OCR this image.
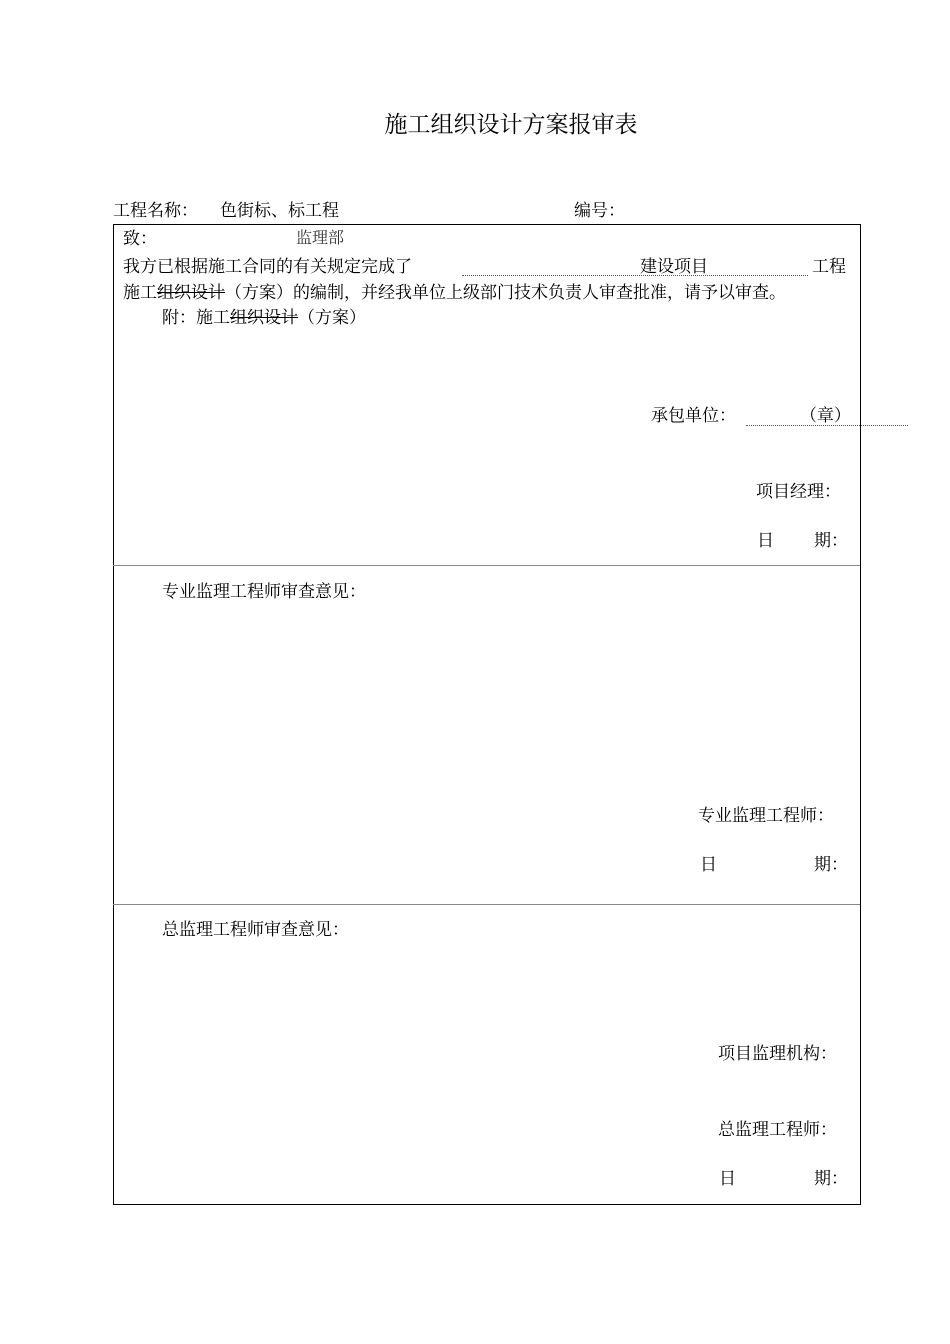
施工组织设计方案报审表
工程名称： 色街标、标工程	编号：
致：	监理部
我方已根据施工合同的有关规定完成了	建设项目	工程
施工组织设计（方案）的编制，并经我单位上级部门技术负责人审查批准，请予以审查。
附：施工组织设计（方案）
承包单位：	（章）
项目经理：
日 期：
专业监理工程师审查意见：
专业监理工程师：
日	期：
总监理工程师审查意见：
项目监理机构：
总监理工程师：
日	期：
